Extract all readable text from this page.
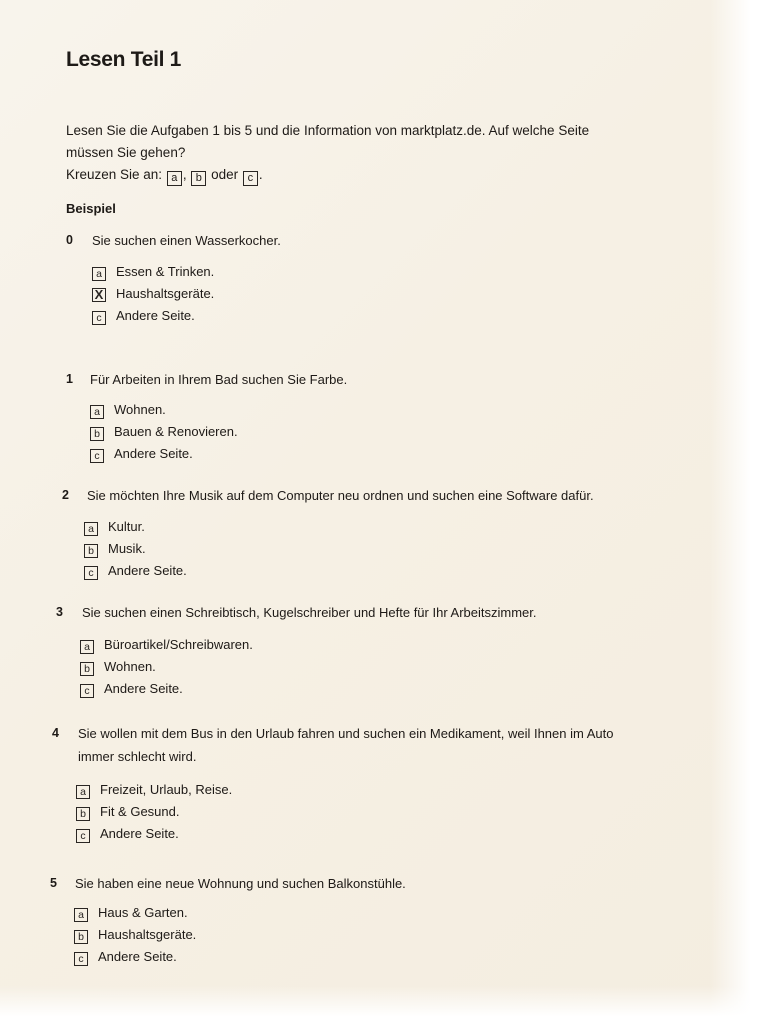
Lesen Teil 1

Lesen Sie die Aufgaben 1 bis 5 und die Information von marktplatz.de. Auf welche Seite

müssen Sie gehen?

Kreuzen Sie an: a , b oder c .

Beispiel
0 Sie suchen einen Wasserkocher.
a Essen & Trinken.
X Haushaltsgeräte.
c Andere Seite.
1 Für Arbeiten in Ihrem Bad suchen Sie Farbe.
a Wohnen.
b Bauen & Renovieren.
c Andere Seite.
2 Sie möchten Ihre Musik auf dem Computer neu ordnen und suchen eine Software dafür.
a Kultur.
b Musik.
c Andere Seite.
3 Sie suchen einen Schreibtisch, Kugelschreiber und Hefte für Ihr Arbeitszimmer.
a Büroartikel/Schreibwaren.
b Wohnen.
c Andere Seite.
4 Sie wollen mit dem Bus in den Urlaub fahren und suchen ein Medikament, weil Ihnen im Auto
immer schlecht wird.
a Freizeit, Urlaub, Reise.
b Fit & Gesund.
c Andere Seite.
5 Sie haben eine neue Wohnung und suchen Balkonstühle.
a Haus & Garten.
b Haushaltsgeräte.
c Andere Seite.
